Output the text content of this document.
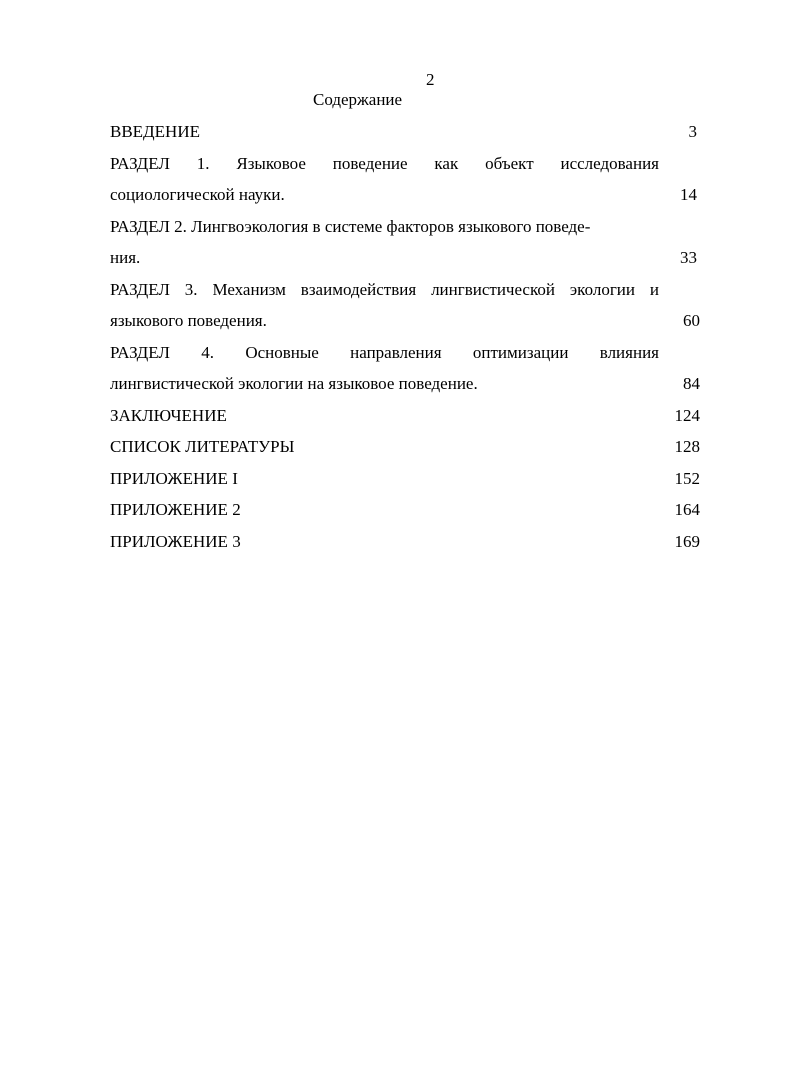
2
Содержание
ВВЕДЕНИЕ	3
РАЗДЕЛ 1. Языковое поведение как объект исследования
социологической науки.	14
РАЗДЕЛ 2. Лингвоэкология в системе факторов языкового поведе-
ния.	33
РАЗДЕЛ 3. Механизм взаимодействия лингвистической экологии и
языкового поведения.	60
РАЗДЕЛ 4. Основные направления оптимизации влияния
лингвистической экологии на языковое поведение.	84
ЗАКЛЮЧЕНИЕ	124
СПИСОК ЛИТЕРАТУРЫ	128
ПРИЛОЖЕНИЕ I	152
ПРИЛОЖЕНИЕ 2	164
ПРИЛОЖЕНИЕ 3	169
